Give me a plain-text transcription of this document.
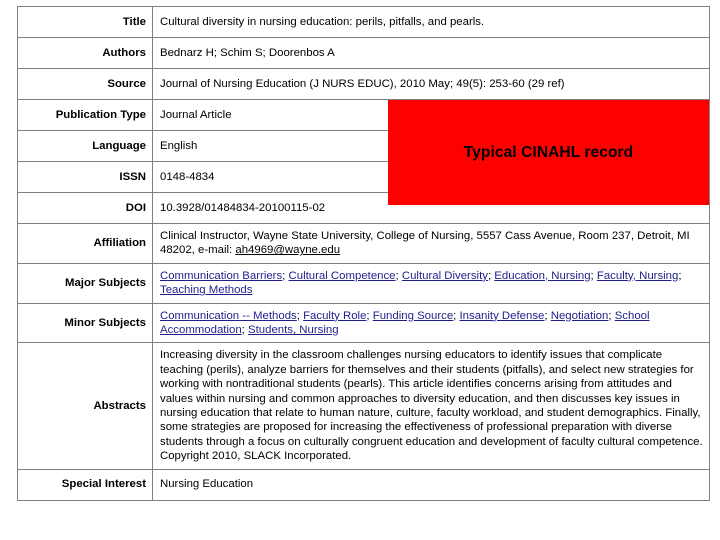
Title	Cultural diversity in nursing education: perils, pitfalls, and pearls.
Authors	Bednarz H; Schim S; Doorenbos A
Source	Journal of Nursing Education (J NURS EDUC), 2010 May; 49(5): 253-60 (29 ref)
Publication Type	Journal Article
Language	English
ISSN	0148-4834
DOI	10.3928/01484834-20100115-02
Affiliation	Clinical Instructor, Wayne State University, College of Nursing, 5557 Cass Avenue, Room 237, Detroit, MI 48202, e-mail: ah4969@wayne.edu
Major Subjects	Communication Barriers; Cultural Competence; Cultural Diversity; Education, Nursing; Faculty, Nursing; Teaching Methods
Minor Subjects	Communication -- Methods; Faculty Role; Funding Source; Insanity Defense; Negotiation; School Accommodation; Students, Nursing
Abstracts	Increasing diversity in the classroom challenges nursing educators to identify issues that complicate teaching (perils), analyze barriers for themselves and their students (pitfalls), and select new strategies for working with nontraditional students (pearls). This article identifies concerns arising from attitudes and values within nursing and common approaches to diversity education, and then discusses key issues in nursing education that relate to human nature, culture, faculty workload, and student demographics. Finally, some strategies are proposed for increasing the effectiveness of professional preparation with diverse students through a focus on culturally congruent education and development of faculty cultural competence. Copyright 2010, SLACK Incorporated.
Special Interest	Nursing Education
Typical CINAHL record
